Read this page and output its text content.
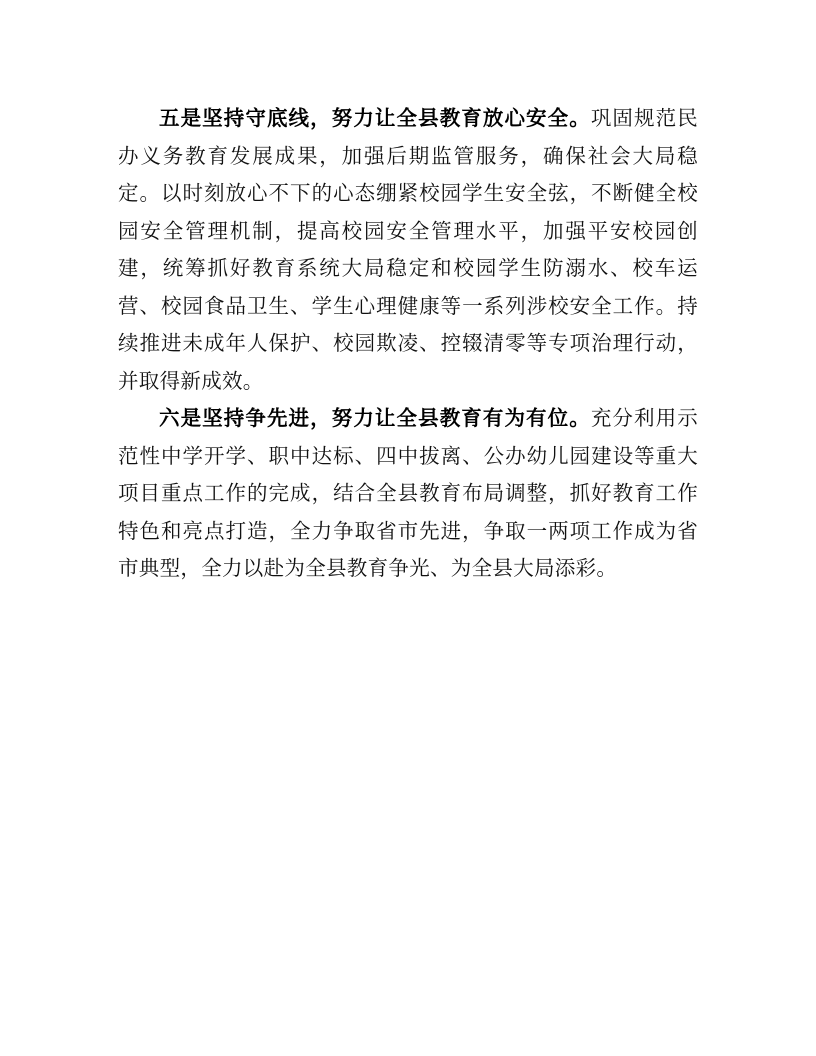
五是坚持守底线，努力让全县教育放心安全。巩固规范民办义务教育发展成果，加强后期监管服务，确保社会大局稳定。以时刻放心不下的心态绷紧校园学生安全弦，不断健全校园安全管理机制，提高校园安全管理水平，加强平安校园创建，统筹抓好教育系统大局稳定和校园学生防溺水、校车运营、校园食品卫生、学生心理健康等一系列涉校安全工作。持续推进未成年人保护、校园欺凌、控辍清零等专项治理行动，并取得新成效。

六是坚持争先进，努力让全县教育有为有位。充分利用示范性中学开学、职中达标、四中拔离、公办幼儿园建设等重大项目重点工作的完成，结合全县教育布局调整，抓好教育工作特色和亮点打造，全力争取省市先进，争取一两项工作成为省市典型，全力以赴为全县教育争光、为全县大局添彩。
